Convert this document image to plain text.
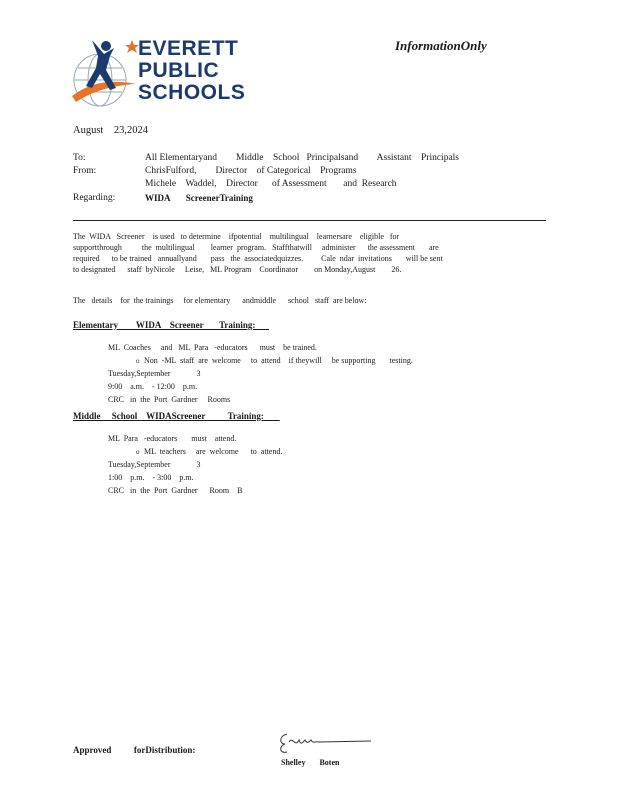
InformationOnly
EVERETT
PUBLIC
SCHOOLS
August    23,2024
To:	All Elementaryand        Middle    School   Principalsand        Assistant    Principals
From:	ChrisFulford,        Director    of Categorical    Programs
Michele    Waddel,    Director      of Assessment       and  Research
Regarding:	WIDA       ScreenerTraining
The  WIDA   Screener    is used   to determine    ifpotential    multilingual    learnersare    eligible   for
supportthrough          the  multilingual        learner  program.   Staffthatwill     administer      the assessment       are
required      to be trained   annuallyand       pass   the  associatedquizzes.         Cale  ndar  invitations       will be sent
to designated      staff  byNicole     Leise,   ML Program    Coordinator        on Monday,August        26.
The   details    for  the trainings     for elementary      andmiddle      school   staff  are below:
Elementary        WIDA    Screener       Training:

ML  Coaches     and   ML  Para   -educators      must    be trained.

o Non  -ML  staff  are  welcome     to  attend    if theywill     be supporting       testing.

Tuesday,September             3

9:00    a.m.    - 12:00    p.m.

CRC   in  the  Port  Gardner     Rooms

Middle     School    WIDAScreener          Training:

ML  Para   -educators       must    attend.

o ML  teachers     are  welcome      to  attend.

Tuesday,September             3

1:00    p.m.    - 3:00    p.m.

CRC   in  the  Port  Gardner      Room    B

Approved          forDistribution:
Shelley       Boten
